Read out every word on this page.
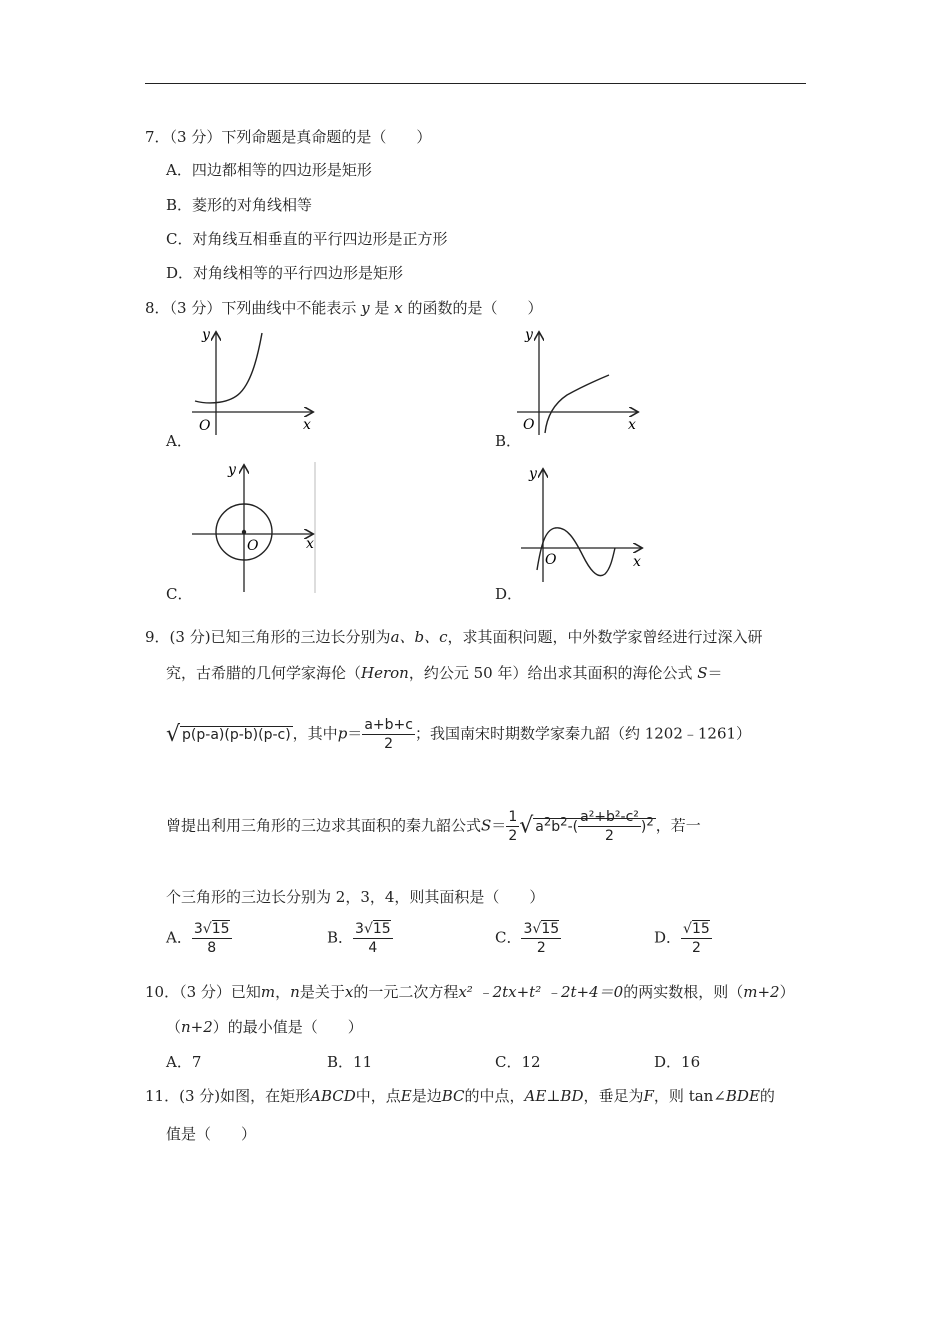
7．（3 分）下列命题是真命题的是（　　）
A．四边都相等的四边形是矩形
B．菱形的对角线相等
C．对角线互相垂直的平行四边形是正方形
D．对角线相等的平行四边形是矩形
8．（3 分）下列曲线中不能表示 y 是 x 的函数的是（　　）
y
x
O
A．
y
x
O
B．
y
x
O
C．
y
x
O
D．
9．(3 分)已知三角形的三边长分别为a、b、c，求其面积问题，中外数学家曾经进行过深入研
究，古希腊的几何学家海伦（Heron，约公元 50 年）给出求其面积的海伦公式 S＝
√ p(p-a)(p-b)(p-c) ，其中$p= \frac{a+b+c}{2}$ ；我国南宋时期数学家秦九韶（约 1202﹣1261）
曾提出利用三角形的三边求其面积的秦九韶公式$S= \frac{1}{2}$ √ $a^2b^2-( \frac{\text{a²+b²-c²}}{2} )^2$ ，若一
个三角形的三边长分别为 2，3，4，则其面积是（　　）
A． $\frac{3√15}{8}$	B． $\frac{3√15}{4}$	C． $\frac{3√15}{2}$	D． $\frac{√15}{2}$
10．（3 分）已知m，n是关于x的一元二次方程x² ﹣2tx+t² ﹣2t+4＝0的两实数根，则（m+2）
（n+2）的最小值是（　　）
A．7	B．11	C．12	D．16
11．(3 分)如图，在矩形ABCD中，点E是边BC的中点，AE⊥BD，垂足为F，则 tan∠BDE的
值是（　　）
